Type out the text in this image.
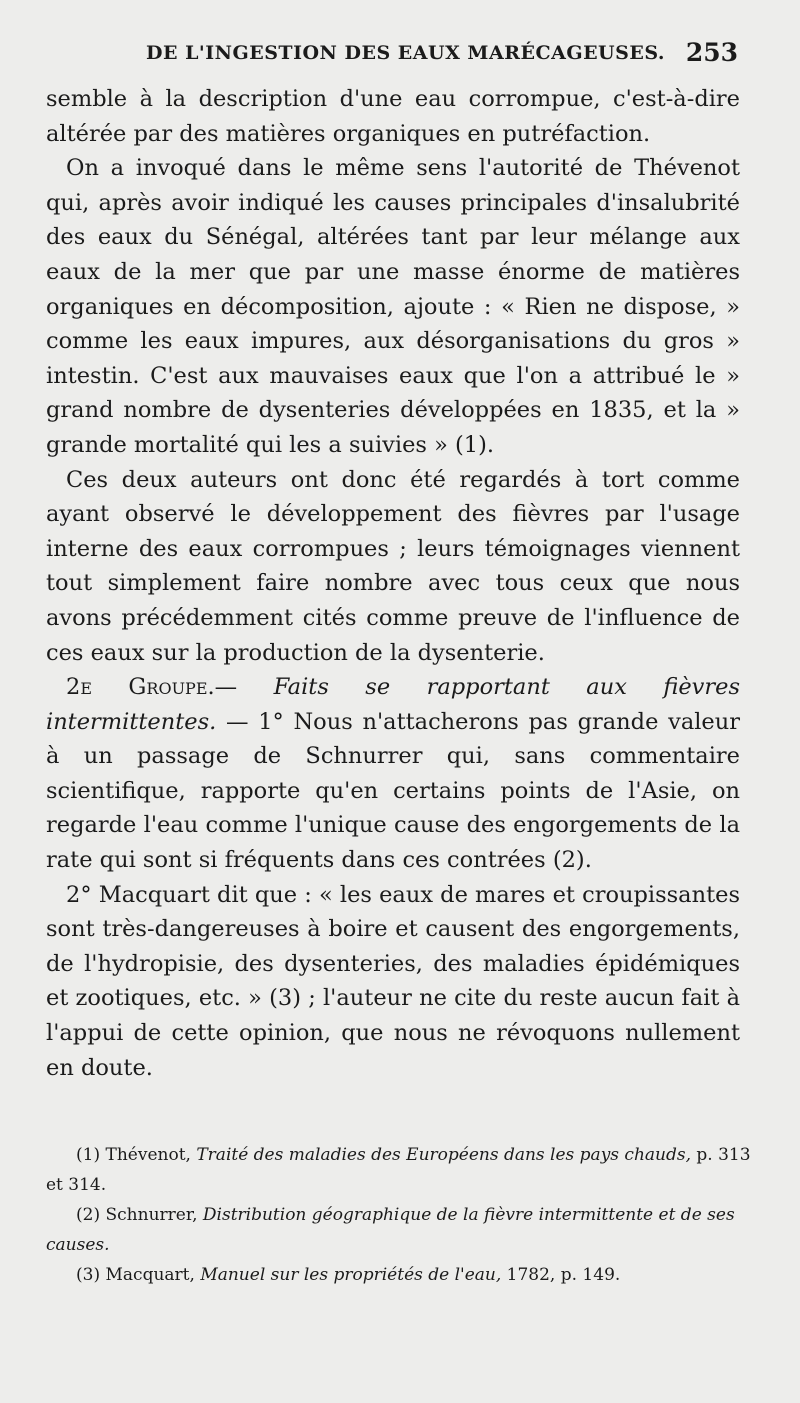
DE L'INGESTION DES EAUX MARÉCAGEUSES. 253

semble à la description d'une eau corrompue, c'est-à-dire altérée par des matières organiques en putréfaction.

On a invoqué dans le même sens l'autorité de Thévenot qui, après avoir indiqué les causes principales d'insalubrité des eaux du Sénégal, altérées tant par leur mélange aux eaux de la mer que par une masse énorme de matières organiques en décomposition, ajoute : « Rien ne dispose, » comme les eaux impures, aux désorganisations du gros » intestin. C'est aux mauvaises eaux que l'on a attribué le » grand nombre de dysenteries développées en 1835, et la » grande mortalité qui les a suivies » (1).

Ces deux auteurs ont donc été regardés à tort comme ayant observé le développement des fièvres par l'usage interne des eaux corrompues ; leurs témoignages viennent tout simplement faire nombre avec tous ceux que nous avons précédemment cités comme preuve de l'influence de ces eaux sur la production de la dysenterie.

2e Groupe.— Faits se rapportant aux fièvres intermittentes. — 1° Nous n'attacherons pas grande valeur à un passage de Schnurrer qui, sans commentaire scientifique, rapporte qu'en certains points de l'Asie, on regarde l'eau comme l'unique cause des engorgements de la rate qui sont si fréquents dans ces contrées (2).

2° Macquart dit que : « les eaux de mares et croupissantes sont très-dangereuses à boire et causent des engorgements, de l'hydropisie, des dysenteries, des maladies épidémiques et zootiques, etc. » (3) ; l'auteur ne cite du reste aucun fait à l'appui de cette opinion, que nous ne révoquons nullement en doute.

(1) Thévenot, Traité des maladies des Européens dans les pays chauds, p. 313 et 314.

(2) Schnurrer, Distribution géographique de la fièvre intermittente et de ses causes.

(3) Macquart, Manuel sur les propriétés de l'eau, 1782, p. 149.
